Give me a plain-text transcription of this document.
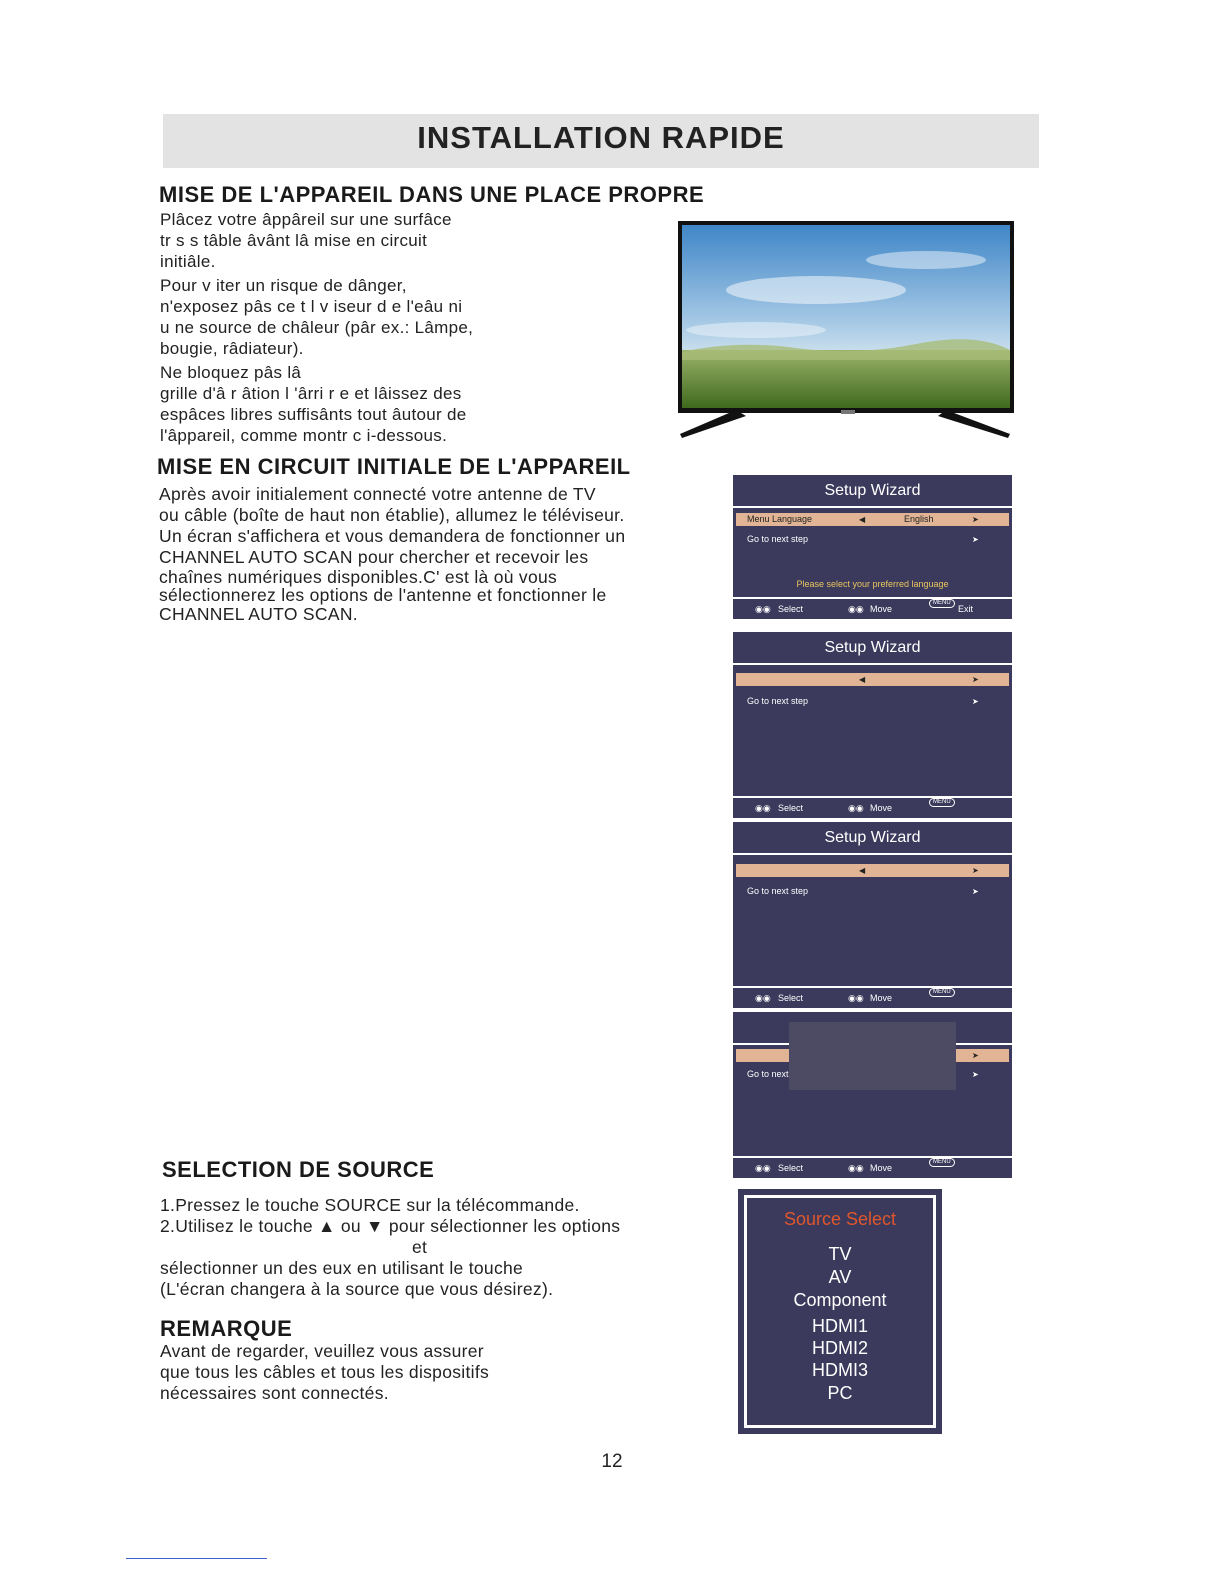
INSTALLATION RAPIDE
MISE DE L'APPAREIL DANS UNE PLACE PROPRE
Plâcez votre âppâreil sur une surfâce
tr s s tâble âvânt lâ mise en circuit
initiâle.
Pour v iter un risque de dânger,
n'exposez pâs ce t l v iseur d e l'eâu ni
u ne source de châleur (pâr ex.: Lâmpe,
bougie, râdiateur).
Ne bloquez pâs lâ
grille d'â r âtion l 'ârri r e et lâissez des
espâces libres suffisânts tout âutour de
l'âppareil, comme montr c i-dessous.
MISE EN CIRCUIT INITIALE DE L'APPAREIL
Après avoir initialement connecté votre antenne de TV
ou câble (boîte de haut non établie), allumez le téléviseur.
Un écran s'affichera et vous demandera de fonctionner un
CHANNEL AUTO SCAN pour chercher et recevoir les
chaînes numériques disponibles.C' est là où vous
sélectionnerez les options de l'antenne et fonctionner le
CHANNEL AUTO SCAN.
Setup Wizard
Menu Language	◀	English	➤
Go to next step	➤
Please select your preferred language
◉◉ Select	◉◉ Move
MENU
Exit
Setup Wizard
◀	➤
Go to next step	➤
◉◉ Select	◉◉ Move
MENU
Setup Wizard
◀	➤
Go to next step	➤
◉◉ Select	◉◉ Move
MENU
➤
Go to next	➤
◉◉ Select	◉◉ Move
MENU
SELECTION DE SOURCE
1.Pressez le touche SOURCE sur la télécommande.
2.Utilisez le touche ▲ ou ▼ pour sélectionner les options
et
sélectionner un des eux en utilisant le touche
(L'écran changera à la source que vous désirez).
REMARQUE
Avant de regarder, veuillez vous assurer
que tous les câbles et tous les dispositifs
nécessaires sont connectés.
Source Select
TV
AV
Component
HDMI1
HDMI2
HDMI3
PC
12
